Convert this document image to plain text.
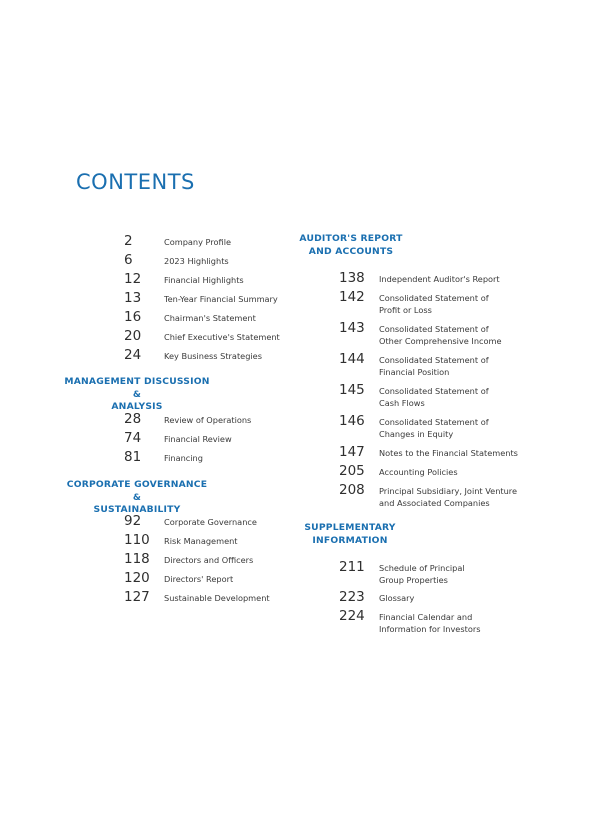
CONTENTS
2	Company Profile
6	2023 Highlights
12	Financial Highlights
13	Ten-Year Financial Summary
16	Chairman's Statement
20	Chief Executive's Statement
24	Key Business Strategies
MANAGEMENT DISCUSSION &
ANALYSIS
28	Review of Operations
74	Financial Review
81	Financing
CORPORATE GOVERNANCE &
SUSTAINABILITY
92	Corporate Governance
110	Risk Management
118	Directors and Officers
120	Directors' Report
127	Sustainable Development
AUDITOR'S REPORT
AND ACCOUNTS
138	Independent Auditor's Report
142	Consolidated Statement of
Profit or Loss
143	Consolidated Statement of
Other Comprehensive Income
144	Consolidated Statement of
Financial Position
145	Consolidated Statement of
Cash Flows
146	Consolidated Statement of
Changes in Equity
147	Notes to the Financial Statements
205	Accounting Policies
208	Principal Subsidiary, Joint Venture
and Associated Companies
SUPPLEMENTARY
INFORMATION
211	Schedule of Principal
Group Properties
223	Glossary
224	Financial Calendar and
Information for Investors
